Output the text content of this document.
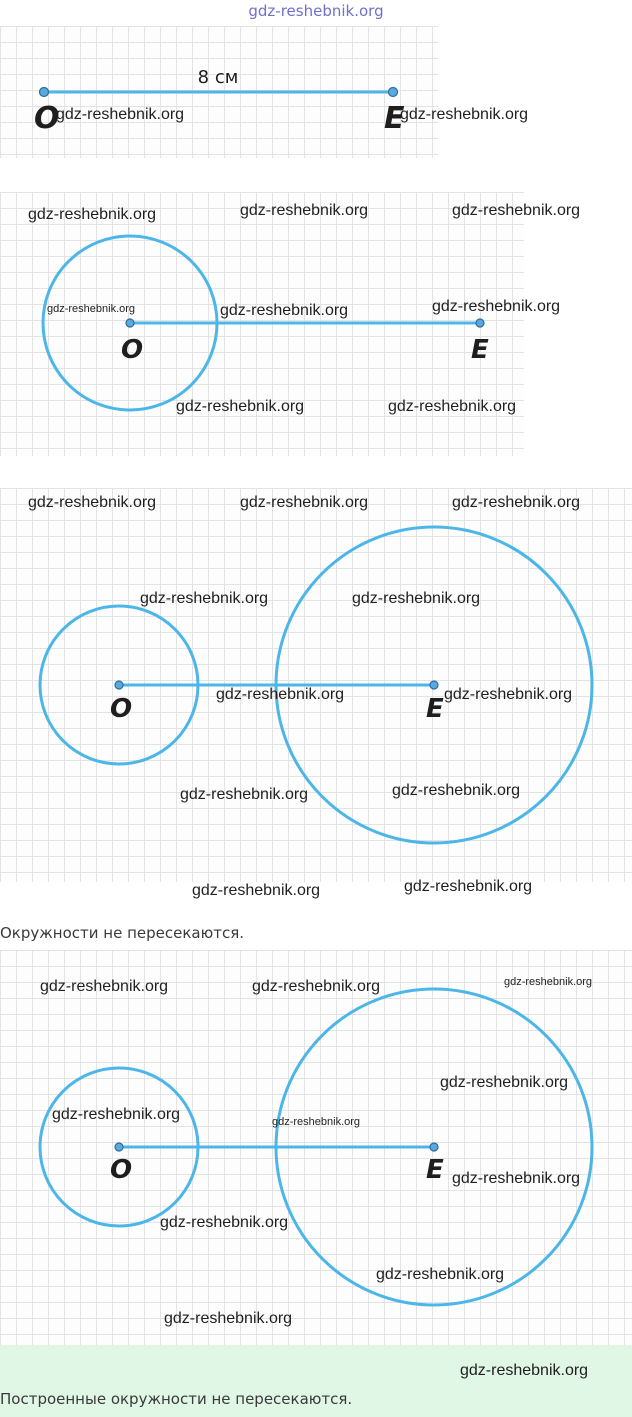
gdz-reshebnik.org
8 см
O	E
O	E
O	E
O	E
Окружности не пересекаются.
Построенные окружности не пересекаются.
gdz-reshebnik.org	gdz-reshebnik.org
gdz-reshebnik.org	gdz-reshebnik.org	gdz-reshebnik.org
gdz-reshebnik.org	gdz-reshebnik.org	gdz-reshebnik.org
gdz-reshebnik.org	gdz-reshebnik.org
gdz-reshebnik.org	gdz-reshebnik.org	gdz-reshebnik.org
gdz-reshebnik.org	gdz-reshebnik.org
gdz-reshebnik.org	gdz-reshebnik.org
gdz-reshebnik.org	gdz-reshebnik.org
gdz-reshebnik.org	gdz-reshebnik.org
gdz-reshebnik.org	gdz-reshebnik.org	gdz-reshebnik.org
gdz-reshebnik.org
gdz-reshebnik.org	gdz-reshebnik.org
gdz-reshebnik.org
gdz-reshebnik.org
gdz-reshebnik.org
gdz-reshebnik.org
gdz-reshebnik.org
